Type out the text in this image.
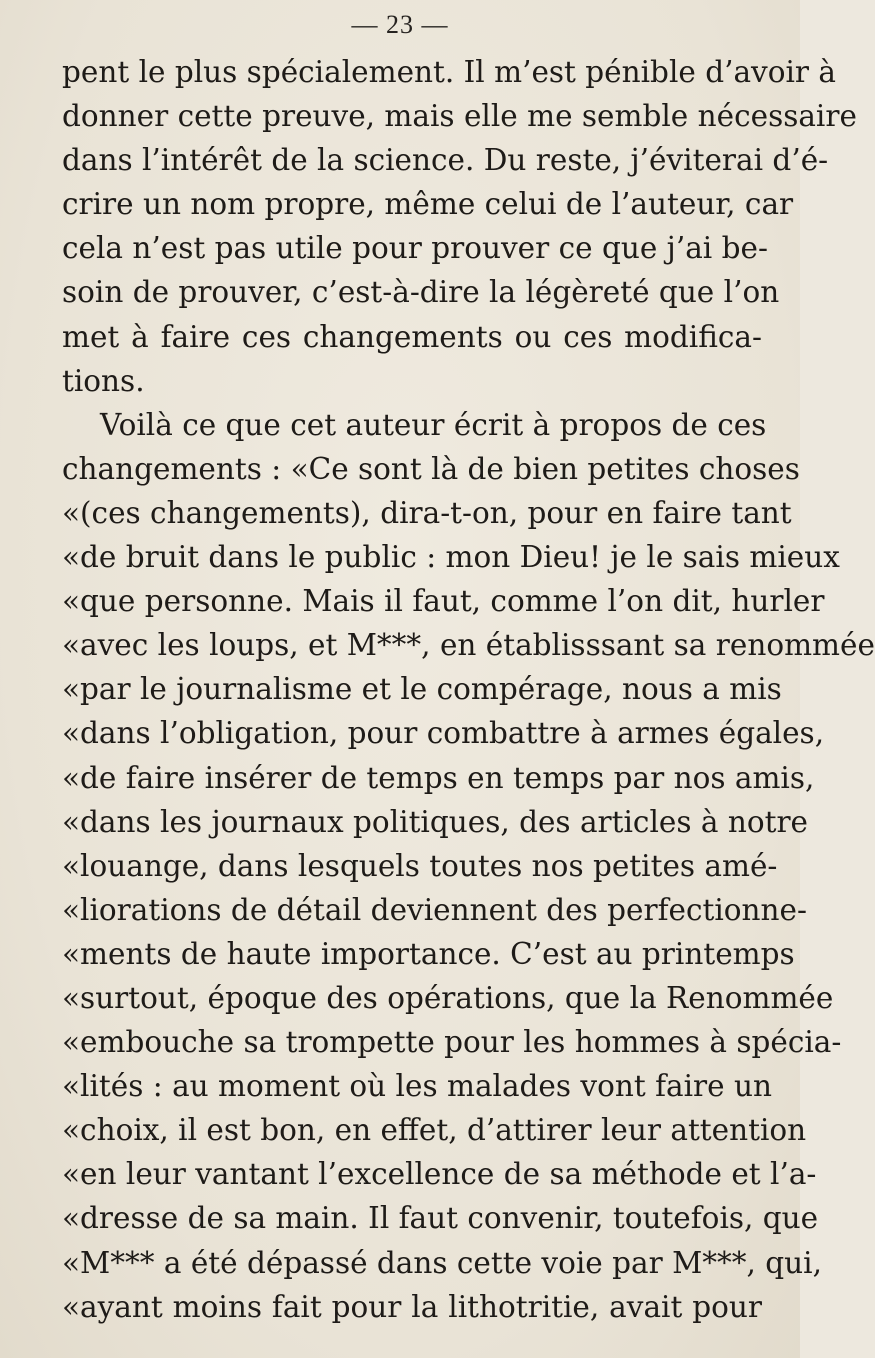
— 23 —
pent le plus spécialement. Il m’est pénible d’avoir à
donner cette preuve, mais elle me semble nécessaire
dans l’intérêt de la science. Du reste, j’éviterai d’é-
crire un nom propre, même celui de l’auteur, car
cela n’est pas utile pour prouver ce que j’ai be-
soin de prouver, c’est-à-dire la légèreté que l’on
met à faire ces changements ou ces modifica-
tions.
Voilà ce que cet auteur écrit à propos de ces
changements : «Ce sont là de bien petites choses
«(ces changements), dira-t-on, pour en faire tant
«de bruit dans le public : mon Dieu! je le sais mieux
«que personne. Mais il faut, comme l’on dit, hurler
«avec les loups, et M***, en établisssant sa renommée
«par le journalisme et le compérage, nous a mis
«dans l’obligation, pour combattre à armes égales,
«de faire insérer de temps en temps par nos amis,
«dans les journaux politiques, des articles à notre
«louange, dans lesquels toutes nos petites amé-
«liorations de détail deviennent des perfectionne-
«ments de haute importance. C’est au printemps
«surtout, époque des opérations, que la Renommée
«embouche sa trompette pour les hommes à spécia-
«lités : au moment où les malades vont faire un
«choix, il est bon, en effet, d’attirer leur attention
«en leur vantant l’excellence de sa méthode et l’a-
«dresse de sa main. Il faut convenir, toutefois, que
«M*** a été dépassé dans cette voie par M***, qui,
«ayant moins fait pour la lithotritie, avait pour
